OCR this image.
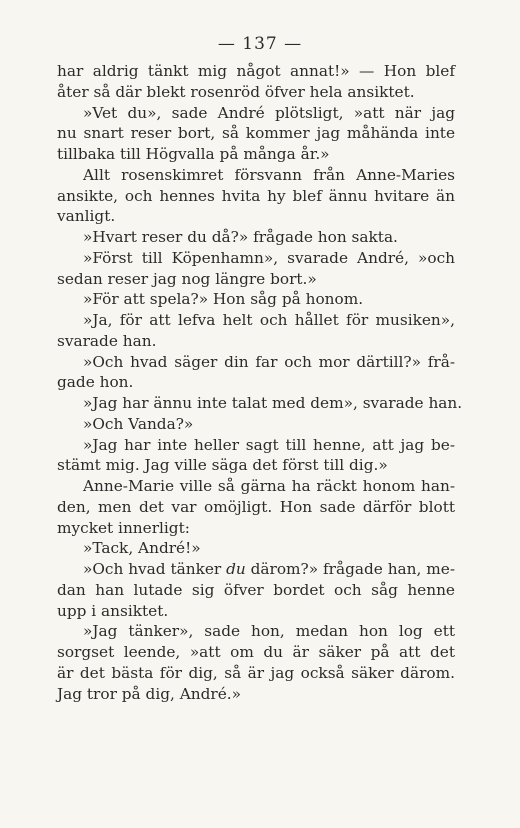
— 137 —
har aldrig tänkt mig något annat!» — Hon blef
åter så där blekt rosenröd öfver hela ansiktet.
»Vet du», sade André plötsligt, »att när jag
nu snart reser bort, så kommer jag måhända inte
tillbaka till Högvalla på många år.»
Allt rosenskimret försvann från Anne-Maries
ansikte, och hennes hvita hy blef ännu hvitare än
vanligt.
»Hvart reser du då?» frågade hon sakta.
»Först till Köpenhamn», svarade André, »och
sedan reser jag nog längre bort.»
»För att spela?» Hon såg på honom.
»Ja, för att lefva helt och hållet för musiken»,
svarade han.
»Och hvad säger din far och mor därtill?» frå-
gade hon.
»Jag har ännu inte talat med dem», svarade han.
»Och Vanda?»
»Jag har inte heller sagt till henne, att jag be-
stämt mig. Jag ville säga det först till dig.»
Anne-Marie ville så gärna ha räckt honom han-
den, men det var omöjligt. Hon sade därför blott
mycket innerligt:
»Tack, André!»
»Och hvad tänker du därom?» frågade han, me-
dan han lutade sig öfver bordet och såg henne
upp i ansiktet.
»Jag tänker», sade hon, medan hon log ett
sorgset leende, »att om du är säker på att det
är det bästa för dig, så är jag också säker därom.
Jag tror på dig, André.»
